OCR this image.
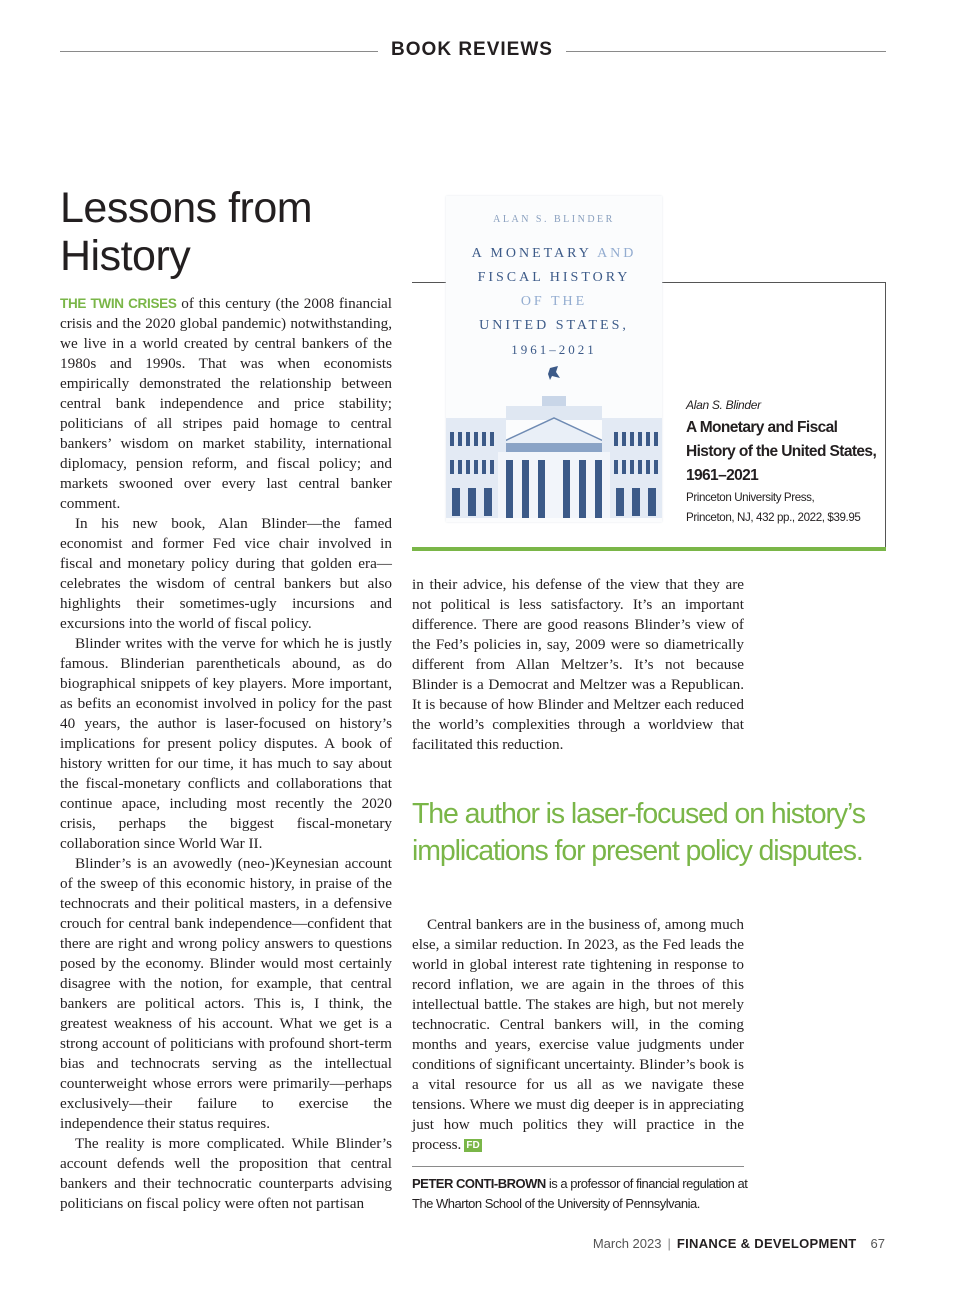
BOOK REVIEWS
Lessons from
History

THE TWIN CRISES of this century (the 2008 financial crisis and the 2020 global pandemic) notwithstanding, we live in a world created by central bankers of the 1980s and 1990s. That was when economists empirically demonstrated the relationship between central bank independence and price stability; politicians of all stripes paid homage to central bankers’ wisdom on market stability, international diplomacy, pension reform, and fiscal policy; and markets swooned over every last central banker comment.

In his new book, Alan Blinder—the famed economist and former Fed vice chair involved in fiscal and monetary policy during that golden era—celebrates the wisdom of central bankers but also highlights their sometimes-ugly incursions and excursions into the world of fiscal policy.

Blinder writes with the verve for which he is justly famous. Blinderian parentheticals abound, as do biographical snippets of key players. More important, as befits an economist involved in policy for the past 40 years, the author is laser-focused on history’s implications for present policy disputes. A book of history written for our time, it has much to say about the fiscal-monetary conflicts and collaborations that continue apace, including most recently the 2020 crisis, perhaps the biggest fiscal-monetary collaboration since World War II.

Blinder’s is an avowedly (neo-)Keynesian account of the sweep of this economic history, in praise of the technocrats and their political masters, in a defensive crouch for central bank independence—confident that there are right and wrong policy answers to questions posed by the economy. Blinder would most certainly disagree with the notion, for example, that central bankers are political actors. This is, I think, the greatest weakness of his account. What we get is a strong account of politicians with profound short-term bias and technocrats serving as the intellectual counterweight whose errors were primarily—perhaps exclusively—their failure to exercise the independence their status requires.

The reality is more complicated. While Blinder’s account defends well the proposition that central bankers and their technocratic counterparts advising politicians on fiscal policy were often not partisan

ALAN S. BLINDER
A MONETARY AND
FISCAL HISTORY
OF THE
UNITED STATES,
1961–2021
Alan S. Blinder
A Monetary and Fiscal History of the United States, 1961–2021
Princeton University Press,
Princeton, NJ, 432 pp., 2022, $39.95

in their advice, his defense of the view that they are not political is less satisfactory. It’s an important difference. There are good reasons Blinder’s view of the Fed’s policies in, say, 2009 were so diametrically different from Allan Meltzer’s. It’s not because Blinder is a Democrat and Meltzer was a Republican. It is because of how Blinder and Meltzer each reduced the world’s complexities through a worldview that facilitated this reduction.

The author is laser-focused on history’s implications for present policy disputes.

Central bankers are in the business of, among much else, a similar reduction. In 2023, as the Fed leads the world in global interest rate tightening in response to record inflation, we are again in the throes of this intellectual battle. The stakes are high, but not merely technocratic. Central bankers will, in the coming months and years, exercise value judgments under conditions of significant uncertainty. Blinder’s book is a vital resource for us all as we navigate these tensions. Where we must dig deeper is in appreciating just how much politics they will practice in the process. FD

PETER CONTI-BROWN is a professor of financial regulation at The Wharton School of the University of Pennsylvania.
March 2023 | FINANCE & DEVELOPMENT 67
